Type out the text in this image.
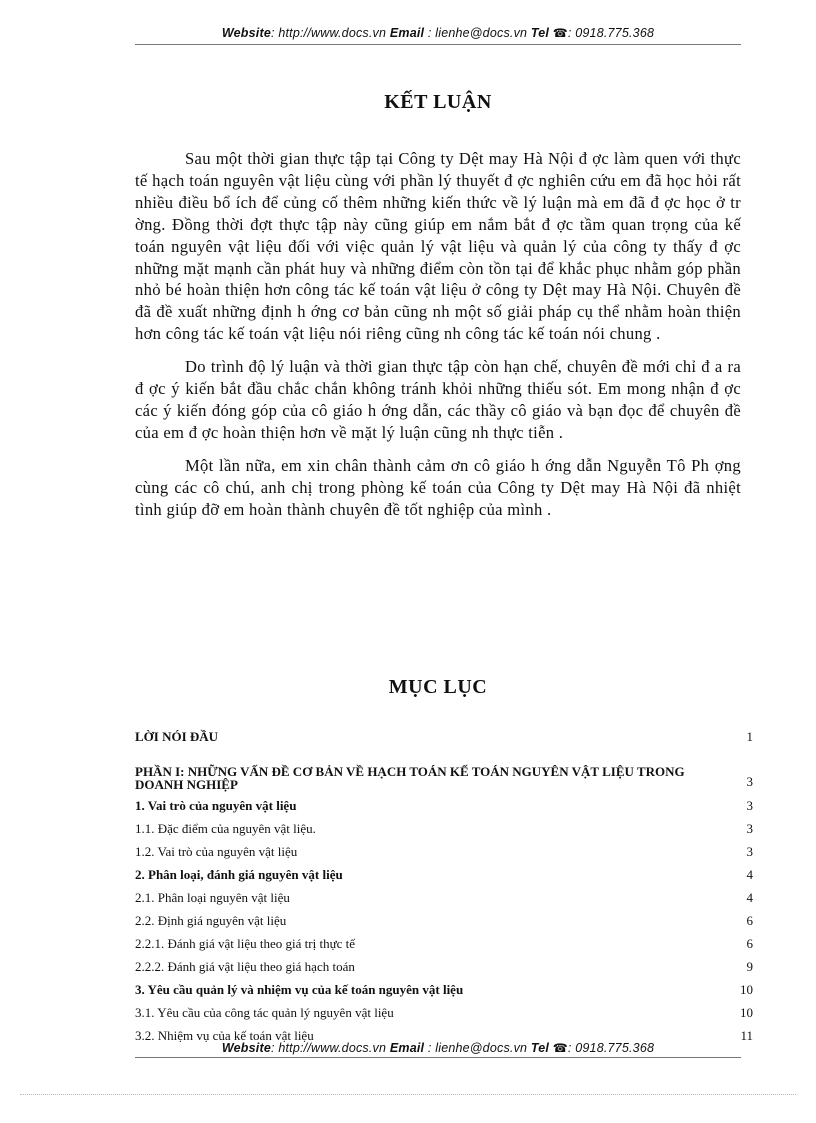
Website: http://www.docs.vn Email : lienhe@docs.vn Tel ☎: 0918.775.368
KẾT LUẬN

Sau một thời gian thực tập tại Công ty Dệt may Hà Nội đ ợc làm quen với thực tế hạch toán nguyên vật liệu cùng với phần lý thuyết đ ợc nghiên cứu em đã học hỏi rất nhiều điều bổ ích để củng cố thêm những kiến thức về lý luận mà em đã đ ợc học ở tr ờng. Đồng thời đợt thực tập này cũng giúp em nắm bắt đ ợc tầm quan trọng của kế toán nguyên vật liệu đối với việc quản lý vật liệu và quản lý của công ty thấy đ ợc những mặt mạnh cần phát huy và những điểm còn tồn tại để khắc phục nhằm góp phần nhỏ bé hoàn thiện hơn công tác kế toán vật liệu ở công ty Dệt may Hà Nội. Chuyên đề đã đề xuất những định h ớng cơ bản cũng nh một số giải pháp cụ thể nhằm hoàn thiện hơn công tác kế toán vật liệu nói riêng cũng nh công tác kế toán nói chung .

Do trình độ lý luận và thời gian thực tập còn hạn chế, chuyên đề mới chỉ đ a ra đ ợc ý kiến bắt đầu chắc chắn không tránh khỏi những thiếu sót. Em mong nhận đ ợc các ý kiến đóng góp của cô giáo h ớng dẫn, các thầy cô giáo và bạn đọc để chuyên đề của em đ ợc hoàn thiện hơn về mặt lý luận cũng nh thực tiễn .

Một lần nữa, em xin chân thành cảm ơn cô giáo h ớng dẫn Nguyễn Tô Ph ợng cùng các cô chú, anh chị trong phòng kế toán của Công ty Dệt may Hà Nội đã nhiệt tình giúp đỡ em hoàn thành chuyên đề tốt nghiệp của mình .

MỤC LỤC
LỜI NÓI ĐẦU	1
PHẦN I: NHỮNG VẤN ĐỀ CƠ BẢN VỀ HẠCH TOÁN KẾ TOÁN NGUYÊN VẬT LIỆU TRONG DOANH NGHIỆP	3
1. Vai trò của nguyên vật liệu	3
1.1. Đặc điểm của nguyên vật liệu.	3
1.2. Vai trò của nguyên vật liệu	3
2. Phân loại, đánh giá nguyên vật liệu	4
2.1. Phân loại nguyên vật liệu	4
2.2. Định giá nguyên vật liệu	6
2.2.1. Đánh giá vật liệu theo giá trị thực tế	6
2.2.2. Đánh giá vật liệu theo giá hạch toán	9
3. Yêu cầu quản lý và nhiệm vụ của kế toán nguyên vật liệu	10
3.1. Yêu cầu của công tác quản lý nguyên vật liệu	10
3.2. Nhiệm vụ của kế toán vật liệu	11
Website: http://www.docs.vn Email : lienhe@docs.vn Tel ☎: 0918.775.368
